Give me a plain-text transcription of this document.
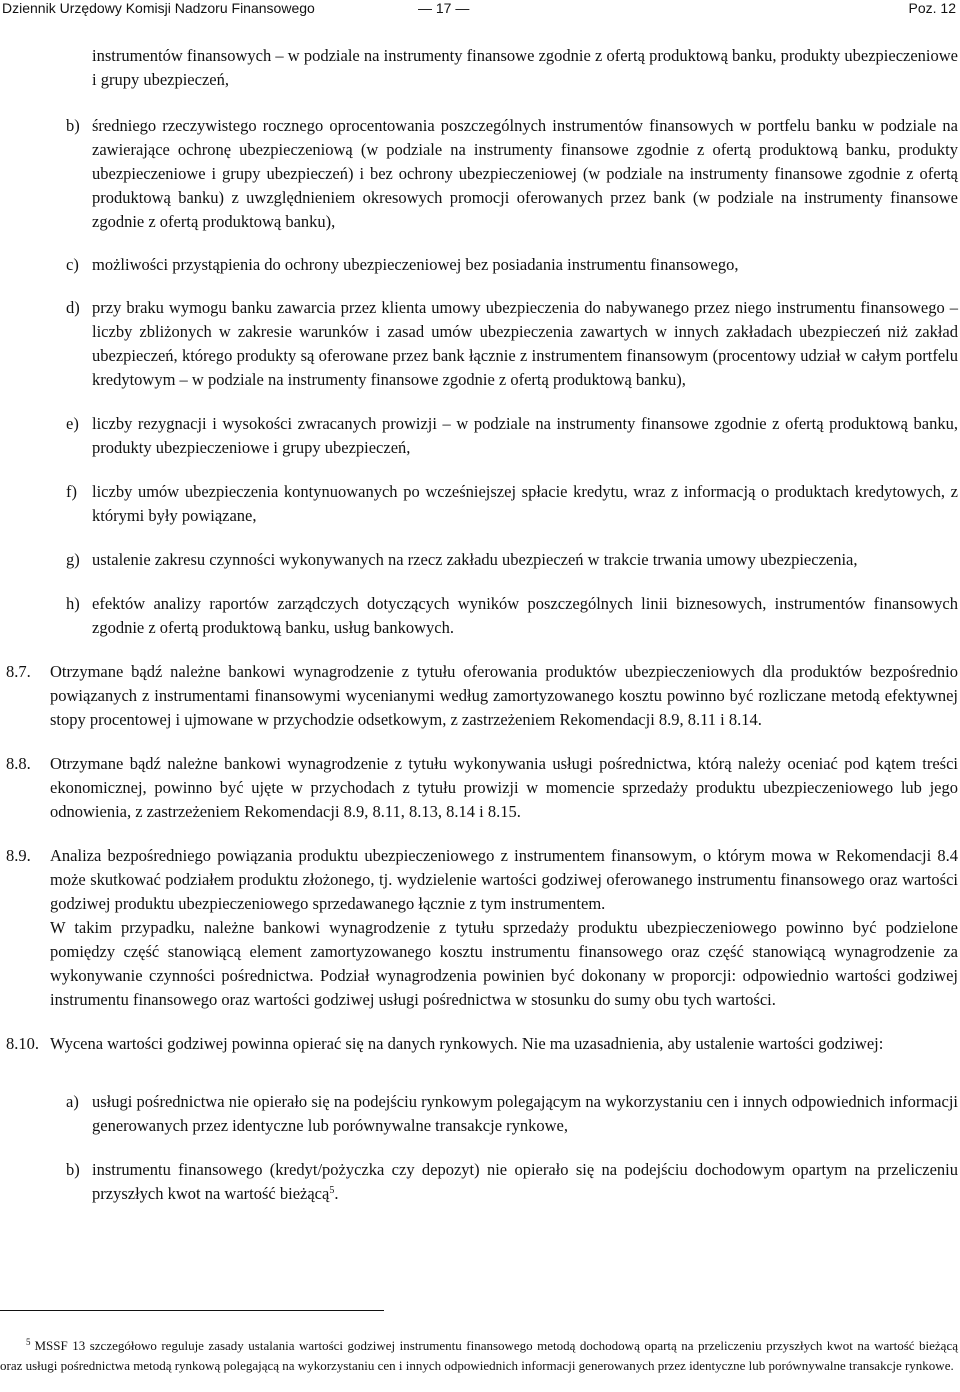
Dziennik Urzędowy Komisji Nadzoru Finansowego	— 17 —	Poz. 12
instrumentów finansowych – w podziale na instrumenty finansowe zgodnie z ofertą produktową banku, produkty ubezpieczeniowe i grupy ubezpieczeń,
b) średniego rzeczywistego rocznego oprocentowania poszczególnych instrumentów finansowych w portfelu banku w podziale na zawierające ochronę ubezpieczeniową (w podziale na instrumenty finansowe zgodnie z ofertą produktową banku, produkty ubezpieczeniowe i grupy ubezpieczeń) i bez ochrony ubezpieczeniowej (w podziale na instrumenty finansowe zgodnie z ofertą produktową banku) z uwzględnieniem okresowych promocji oferowanych przez bank (w podziale na instrumenty finansowe zgodnie z ofertą produktową banku),
c) możliwości przystąpienia do ochrony ubezpieczeniowej bez posiadania instrumentu finansowego,
d) przy braku wymogu banku zawarcia przez klienta umowy ubezpieczenia do nabywanego przez niego instrumentu finansowego – liczby zbliżonych w zakresie warunków i zasad umów ubezpieczenia zawartych w innych zakładach ubezpieczeń niż zakład ubezpieczeń, którego produkty są oferowane przez bank łącznie z instrumentem finansowym (procentowy udział w całym portfelu kredytowym – w podziale na instrumenty finansowe zgodnie z ofertą produktową banku),
e) liczby rezygnacji i wysokości zwracanych prowizji – w podziale na instrumenty finansowe zgodnie z ofertą produktową banku, produkty ubezpieczeniowe i grupy ubezpieczeń,
f) liczby umów ubezpieczenia kontynuowanych po wcześniejszej spłacie kredytu, wraz z informacją o produktach kredytowych, z którymi były powiązane,
g) ustalenie zakresu czynności wykonywanych na rzecz zakładu ubezpieczeń w trakcie trwania umowy ubezpieczenia,
h) efektów analizy raportów zarządczych dotyczących wyników poszczególnych linii biznesowych, instrumentów finansowych zgodnie z ofertą produktową banku, usług bankowych.
8.7. Otrzymane bądź należne bankowi wynagrodzenie z tytułu oferowania produktów ubezpieczeniowych dla produktów bezpośrednio powiązanych z instrumentami finansowymi wycenianymi według zamortyzowanego kosztu powinno być rozliczane metodą efektywnej stopy procentowej i ujmowane w przychodzie odsetkowym, z zastrzeżeniem Rekomendacji 8.9, 8.11 i 8.14.
8.8. Otrzymane bądź należne bankowi wynagrodzenie z tytułu wykonywania usługi pośrednictwa, którą należy oceniać pod kątem treści ekonomicznej, powinno być ujęte w przychodach z tytułu prowizji w momencie sprzedaży produktu ubezpieczeniowego lub jego odnowienia, z zastrzeżeniem Rekomendacji 8.9, 8.11, 8.13, 8.14 i 8.15.
8.9. Analiza bezpośredniego powiązania produktu ubezpieczeniowego z instrumentem finansowym, o którym mowa w Rekomendacji 8.4 może skutkować podziałem produktu złożonego, tj. wydzielenie wartości godziwej oferowanego instrumentu finansowego oraz wartości godziwej produktu ubezpieczeniowego sprzedawanego łącznie z tym instrumentem.
W takim przypadku, należne bankowi wynagrodzenie z tytułu sprzedaży produktu ubezpieczeniowego powinno być podzielone pomiędzy część stanowiącą element zamortyzowanego kosztu instrumentu finansowego oraz część stanowiącą wynagrodzenie za wykonywanie czynności pośrednictwa. Podział wynagrodzenia powinien być dokonany w proporcji: odpowiednio wartości godziwej instrumentu finansowego oraz wartości godziwej usługi pośrednictwa w stosunku do sumy obu tych wartości.
8.10. Wycena wartości godziwej powinna opierać się na danych rynkowych. Nie ma uzasadnienia, aby ustalenie wartości godziwej:
a) usługi pośrednictwa nie opierało się na podejściu rynkowym polegającym na wykorzystaniu cen i innych odpowiednich informacji generowanych przez identyczne lub porównywalne transakcje rynkowe,
b) instrumentu finansowego (kredyt/pożyczka czy depozyt) nie opierało się na podejściu dochodowym opartym na przeliczeniu przyszłych kwot na wartość bieżącą$^5$.
$^5$ MSSF 13 szczegółowo reguluje zasady ustalania wartości godziwej instrumentu finansowego metodą dochodową opartą na przeliczeniu przyszłych kwot na wartość bieżącą oraz usługi pośrednictwa metodą rynkową polegającą na wykorzystaniu cen i innych odpowiednich informacji generowanych przez identyczne lub porównywalne transakcje rynkowe.
